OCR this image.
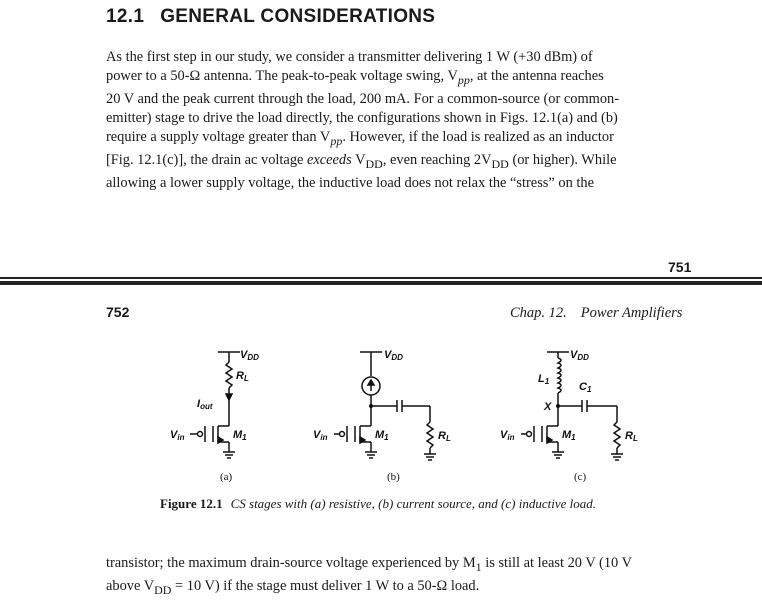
12.1 GENERAL CONSIDERATIONS
As the first step in our study, we consider a transmitter delivering 1 W (+30 dBm) of
power to a 50-Ω antenna. The peak-to-peak voltage swing, $V_{pp}$, at the antenna reaches
20 V and the peak current through the load, 200 mA. For a common-source (or common-
emitter) stage to drive the load directly, the configurations shown in Figs. 12.1(a) and (b)
require a supply voltage greater than $V_{pp}$. However, if the load is realized as an inductor
[Fig. 12.1(c)], the drain ac voltage exceeds $V_{DD}$, even reaching $2V_{DD}$ (or higher). While
allowing a lower supply voltage, the inductive load does not relax the “stress” on the
751
752	Chap. 12. Power Amplifiers
VDD
RL
Iout
Vin	M1
VDD
Vin	M1	RL
VDD
L1	C1
X
Vin	M1	RL
(a)	(b)	(c)
Figure 12.1 CS stages with (a) resistive, (b) current source, and (c) inductive load.
transistor; the maximum drain-source voltage experienced by $M_1$ is still at least 20 V (10 V
above $V_{DD} = 10$ V) if the stage must deliver 1 W to a 50-Ω load.
